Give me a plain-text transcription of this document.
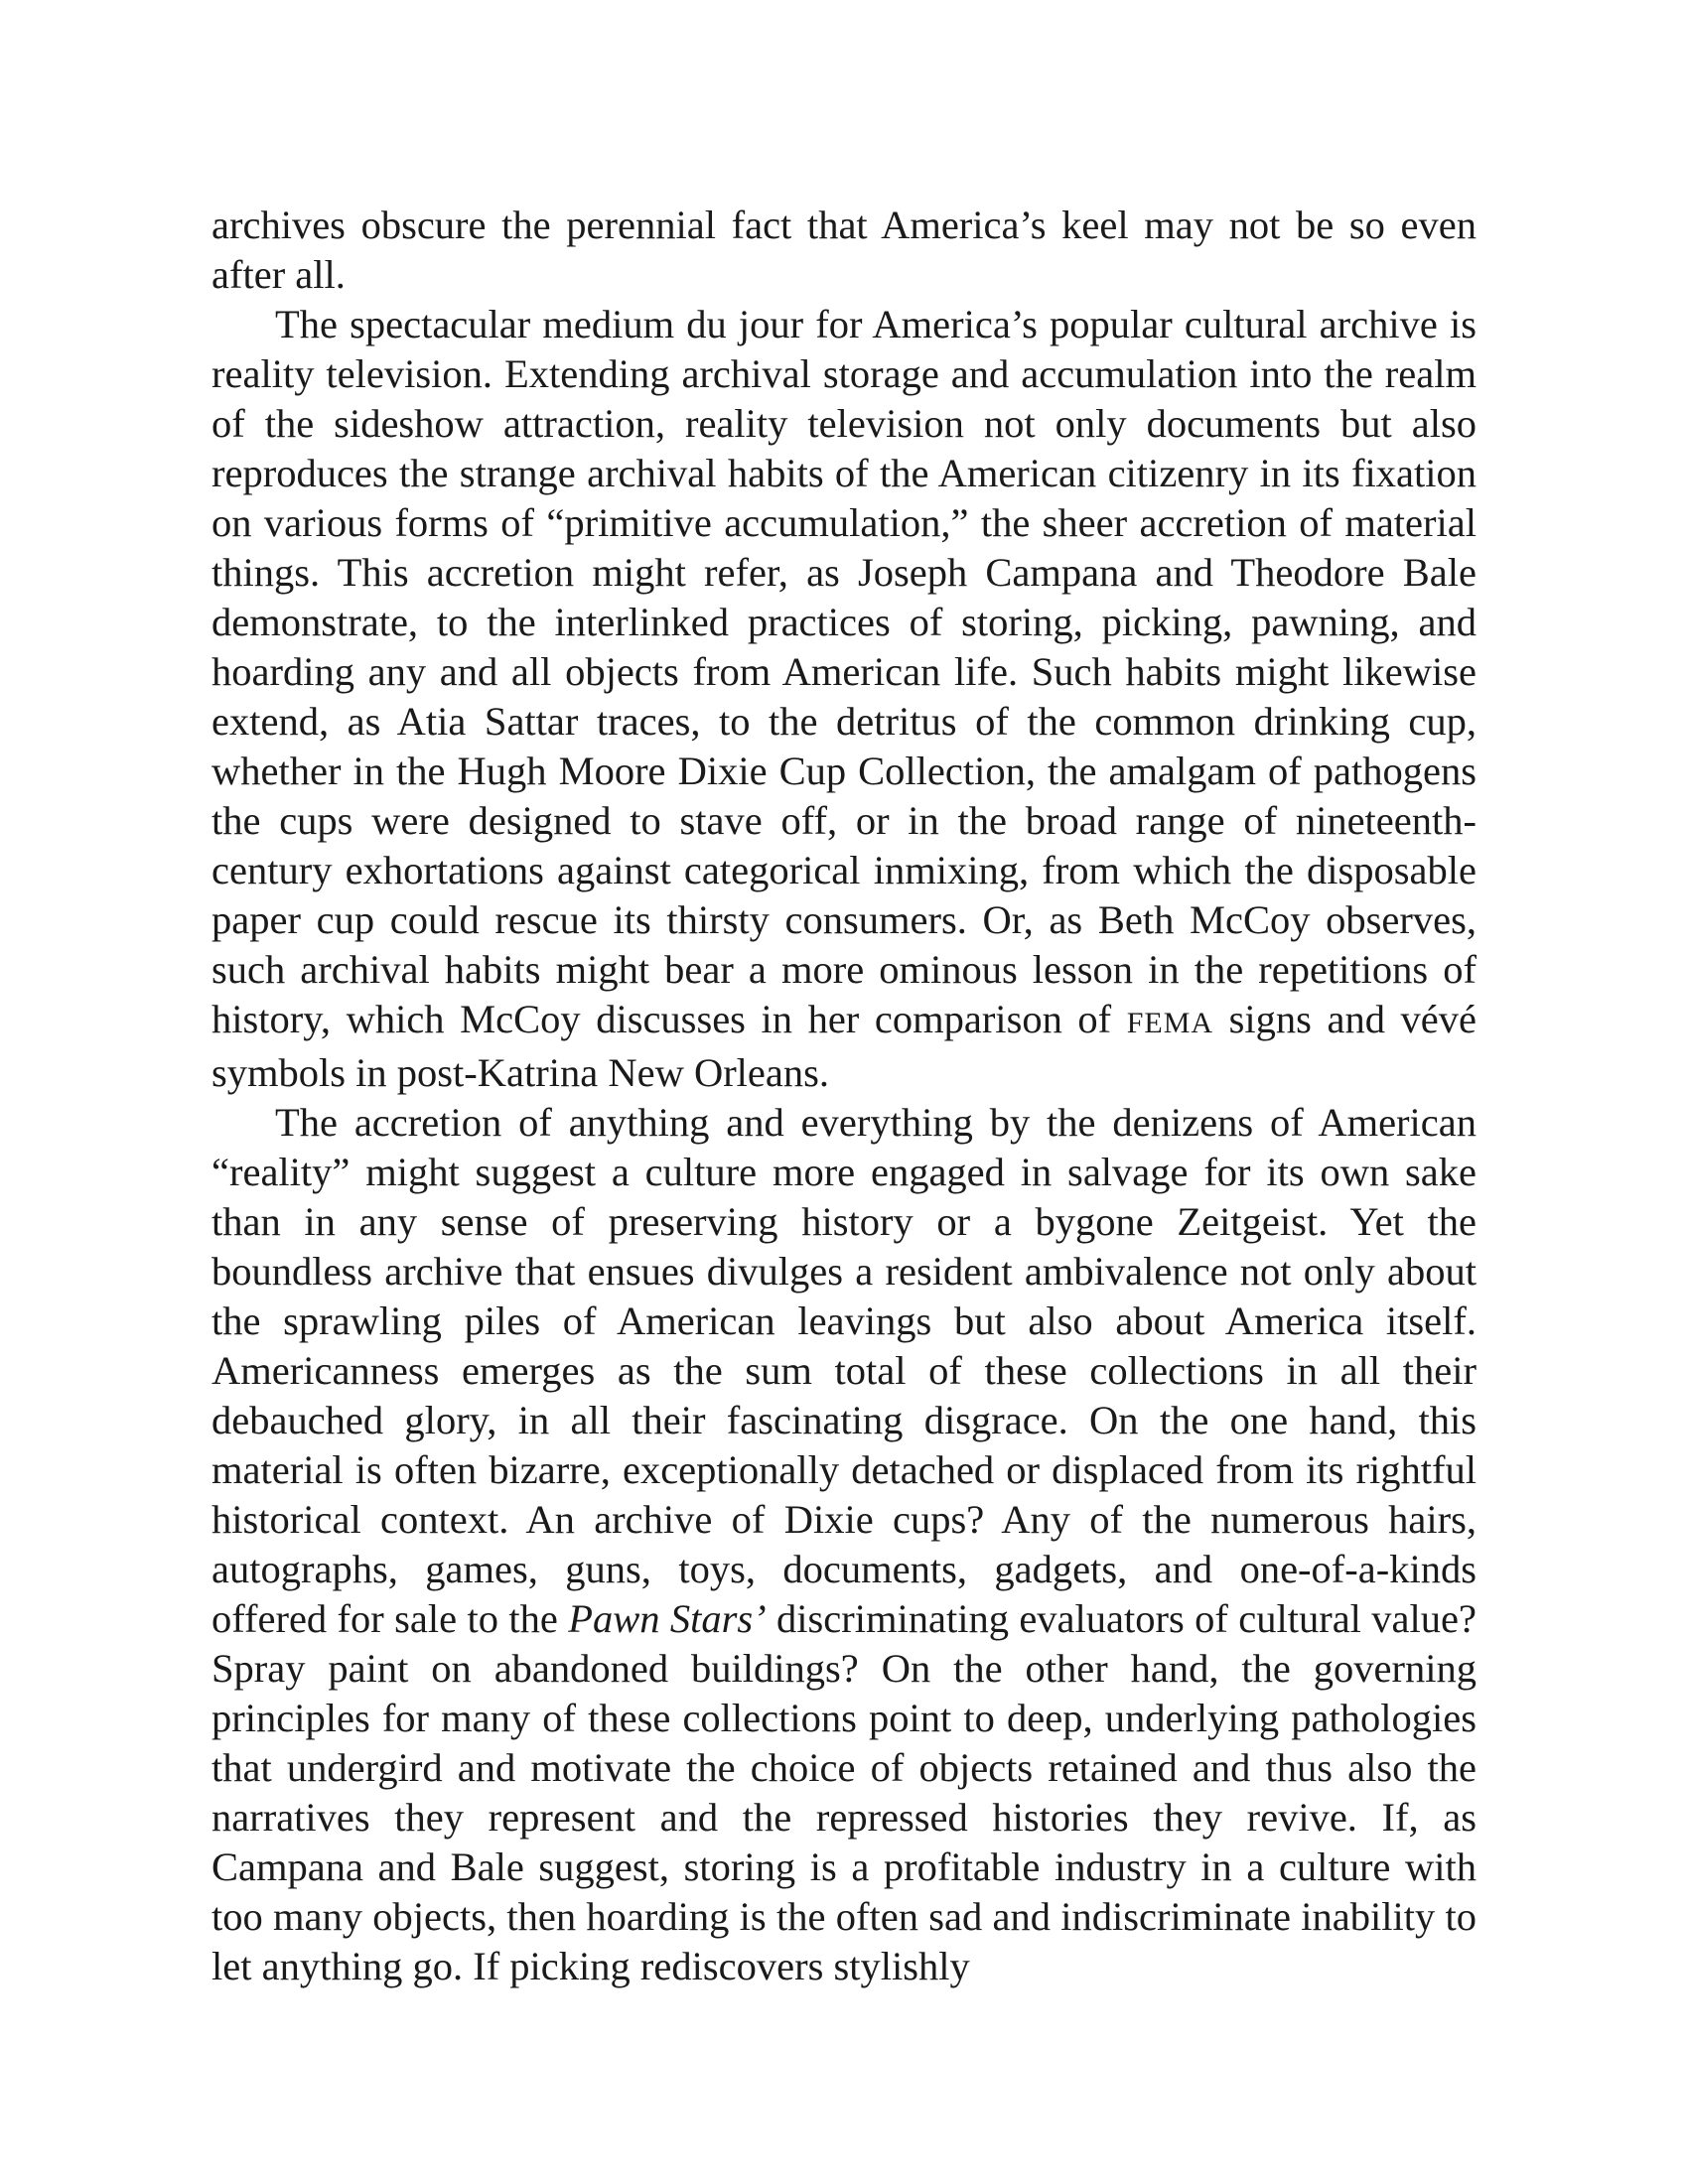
archives obscure the perennial fact that America’s keel may not be so even after all.

The spectacular medium du jour for America’s popular cultural archive is reality television. Extending archival storage and accumulation into the realm of the sideshow attraction, reality television not only documents but also reproduces the strange archival habits of the American citizenry in its fixation on various forms of “primitive accumulation,” the sheer accretion of material things. This accretion might refer, as Joseph Campana and Theodore Bale demonstrate, to the interlinked practices of storing, picking, pawning, and hoarding any and all objects from American life. Such habits might likewise extend, as Atia Sattar traces, to the detritus of the common drinking cup, whether in the Hugh Moore Dixie Cup Collection, the amalgam of pathogens the cups were designed to stave off, or in the broad range of nineteenth-century exhortations against categorical inmixing, from which the disposable paper cup could rescue its thirsty consumers. Or, as Beth McCoy observes, such archival habits might bear a more ominous lesson in the repetitions of history, which McCoy discusses in her comparison of FEMA signs and vévé symbols in post-Katrina New Orleans.

The accretion of anything and everything by the denizens of American “reality” might suggest a culture more engaged in salvage for its own sake than in any sense of preserving history or a bygone Zeitgeist. Yet the boundless archive that ensues divulges a resident ambivalence not only about the sprawling piles of American leavings but also about America itself. Americanness emerges as the sum total of these collections in all their debauched glory, in all their fascinating disgrace. On the one hand, this material is often bizarre, exceptionally detached or displaced from its rightful historical context. An archive of Dixie cups? Any of the numerous hairs, autographs, games, guns, toys, documents, gadgets, and one-of-a-kinds offered for sale to the Pawn Stars’ discriminating evaluators of cultural value? Spray paint on abandoned buildings? On the other hand, the governing principles for many of these collections point to deep, underlying pathologies that undergird and motivate the choice of objects retained and thus also the narratives they represent and the repressed histories they revive. If, as Campana and Bale suggest, storing is a profitable industry in a culture with too many objects, then hoarding is the often sad and indiscriminate inability to let anything go. If picking rediscovers stylishly
